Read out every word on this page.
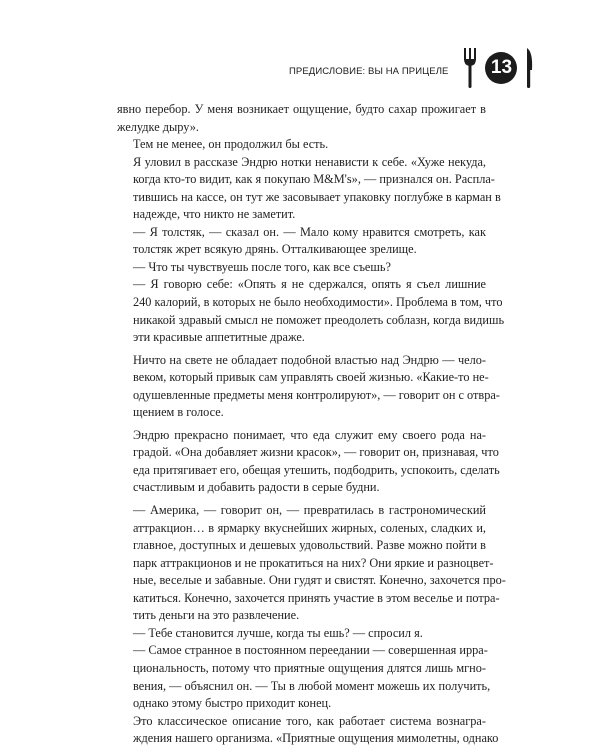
ПРЕДИСЛОВИЕ: ВЫ НА ПРИЦЕЛЕ 13

явно перебор. У меня возникает ощущение, будто сахар прожигает в
желудке дыру».

Тем не менее, он продолжил бы есть.

Я уловил в рассказе Эндрю нотки ненависти к себе. «Хуже некуда,
когда кто-то видит, как я покупаю M&M's», — признался он. Распла-
тившись на кассе, он тут же засовывает упаковку поглубже в карман в
надежде, что никто не заметит.

— Я толстяк, — сказал он. — Мало кому нравится смотреть, как
толстяк жрет всякую дрянь. Отталкивающее зрелище.

— Что ты чувствуешь после того, как все съешь?

— Я говорю себе: «Опять я не сдержался, опять я съел лишние
240 калорий, в которых не было необходимости». Проблема в том, что
никакой здравый смысл не поможет преодолеть соблазн, когда видишь
эти красивые аппетитные драже.

Ничто на свете не обладает подобной властью над Эндрю — чело-
веком, который привык сам управлять своей жизнью. «Какие-то не-
одушевленные предметы меня контролируют», — говорит он с отвра-
щением в голосе.

Эндрю прекрасно понимает, что еда служит ему своего рода на-
градой. «Она добавляет жизни красок», — говорит он, признавая, что
еда притягивает его, обещая утешить, подбодрить, успокоить, сделать
счастливым и добавить радости в серые будни.

— Америка, — говорит он, — превратилась в гастрономический
аттракцион… в ярмарку вкуснейших жирных, соленых, сладких и,
главное, доступных и дешевых удовольствий. Разве можно пойти в
парк аттракционов и не прокатиться на них? Они яркие и разноцвет-
ные, веселые и забавные. Они гудят и свистят. Конечно, захочется про-
катиться. Конечно, захочется принять участие в этом веселье и потра-
тить деньги на это развлечение.

— Тебе становится лучше, когда ты ешь? — спросил я.

— Самое странное в постоянном переедании — совершенная ирра-
циональность, потому что приятные ощущения длятся лишь мгно-
вения, — объяснил он. — Ты в любой момент можешь их получить,
однако этому быстро приходит конец.

Это классическое описание того, как работает система вознагра-
ждения нашего организма. «Приятные ощущения мимолетны, однако
